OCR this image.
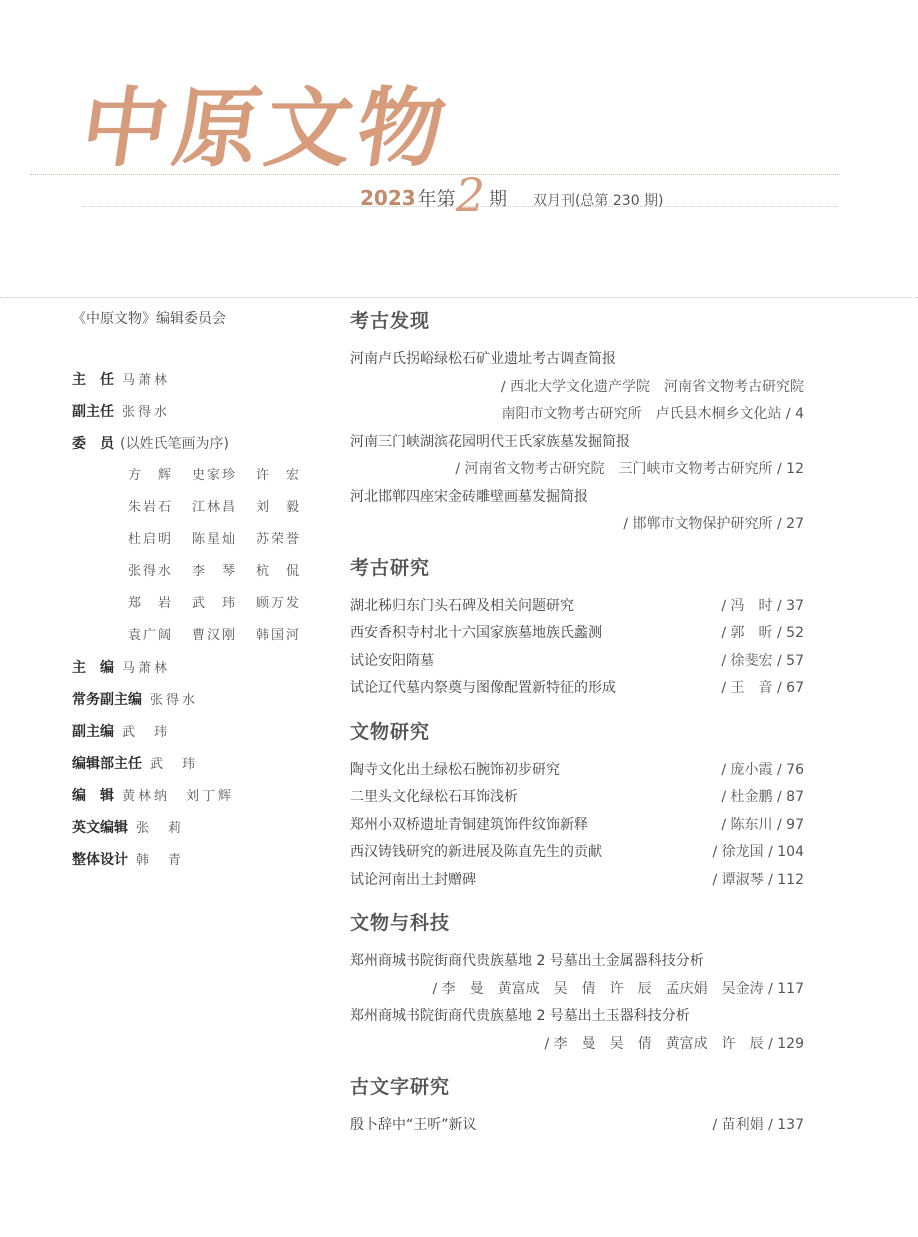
中原文物
2023 年第2 期 双月刊(总第 230 期)
《中原文物》编辑委员会
主　任 马萧林
副主任 张得水
委　员 (以姓氏笔画为序)
方　辉	史家珍	许　宏
朱岩石	江林昌	刘　毅
杜启明	陈星灿	苏荣誉
张得水	李　琴	杭　侃
郑　岩	武　玮	顾万发
袁广阔	曹汉刚	韩国河
主　编 马萧林
常务副主编 张得水
副主编 武　玮
编辑部主任 武　玮
编　辑 黄林纳　刘丁辉
英文编辑 张　莉
整体设计 韩　青
考古发现
河南卢氏拐峪绿松石矿业遗址考古调查简报
∕ 西北大学文化遗产学院　河南省文物考古研究院
南阳市文物考古研究所　卢氏县木桐乡文化站 ∕ 4
河南三门峡湖滨花园明代王氏家族墓发掘简报
∕ 河南省文物考古研究院　三门峡市文物考古研究所 ∕ 12
河北邯郸四座宋金砖雕壁画墓发掘简报
∕ 邯郸市文物保护研究所 ∕ 27
考古研究
湖北秭归东门头石碑及相关问题研究	∕ 冯　时 ∕ 37
西安香积寺村北十六国家族墓地族氏蠡测	∕ 郭　昕 ∕ 52
试论安阳隋墓	∕ 徐斐宏 ∕ 57
试论辽代墓内祭奠与图像配置新特征的形成	∕ 王　音 ∕ 67
文物研究
陶寺文化出土绿松石腕饰初步研究	∕ 庞小霞 ∕ 76
二里头文化绿松石耳饰浅析	∕ 杜金鹏 ∕ 87
郑州小双桥遗址青铜建筑饰件纹饰新释	∕ 陈东川 ∕ 97
西汉铸钱研究的新进展及陈直先生的贡献	∕ 徐龙国 ∕ 104
试论河南出土封赠碑	∕ 谭淑琴 ∕ 112
文物与科技
郑州商城书院街商代贵族墓地 2 号墓出土金属器科技分析
∕ 李　曼　黄富成　吴　倩　许　辰　孟庆娟　吴金涛 ∕ 117
郑州商城书院街商代贵族墓地 2 号墓出土玉器科技分析
∕ 李　曼　吴　倩　黄富成　许　辰 ∕ 129
古文字研究
殷卜辞中“王听”新议	∕ 苗利娟 ∕ 137
